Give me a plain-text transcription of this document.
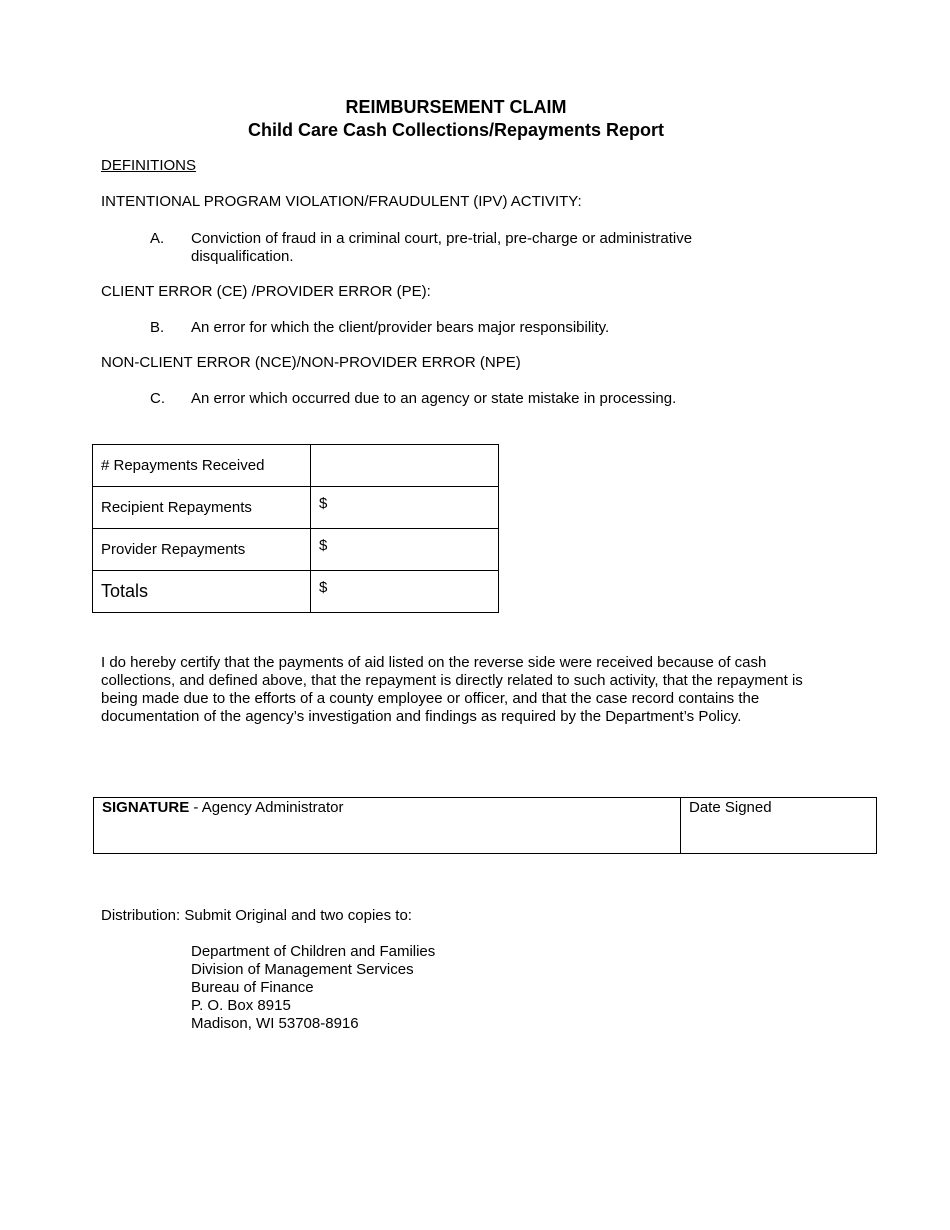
REIMBURSEMENT CLAIM
Child Care Cash Collections/Repayments Report
DEFINITIONS
INTENTIONAL PROGRAM VIOLATION/FRAUDULENT (IPV) ACTIVITY:
A. Conviction of fraud in a criminal court, pre-trial, pre-charge or administrative disqualification.
CLIENT ERROR (CE) /PROVIDER ERROR (PE):
B. An error for which the client/provider bears major responsibility.
NON-CLIENT ERROR (NCE)/NON-PROVIDER ERROR (NPE)
C. An error which occurred due to an agency or state mistake in processing.
# Repayments Received	
Recipient Repayments	$
Provider Repayments	$
Totals	$
I do hereby certify that the payments of aid listed on the reverse side were received because of cash collections, and defined above, that the repayment is directly related to such activity, that the repayment is being made due to the efforts of a county employee or officer, and that the case record contains the documentation of the agency’s investigation and findings as required by the Department’s Policy.
SIGNATURE - Agency Administrator	Date Signed
Distribution: Submit Original and two copies to:
Department of Children and Families
Division of Management Services
Bureau of Finance
P. O. Box 8915
Madison, WI 53708-8916
